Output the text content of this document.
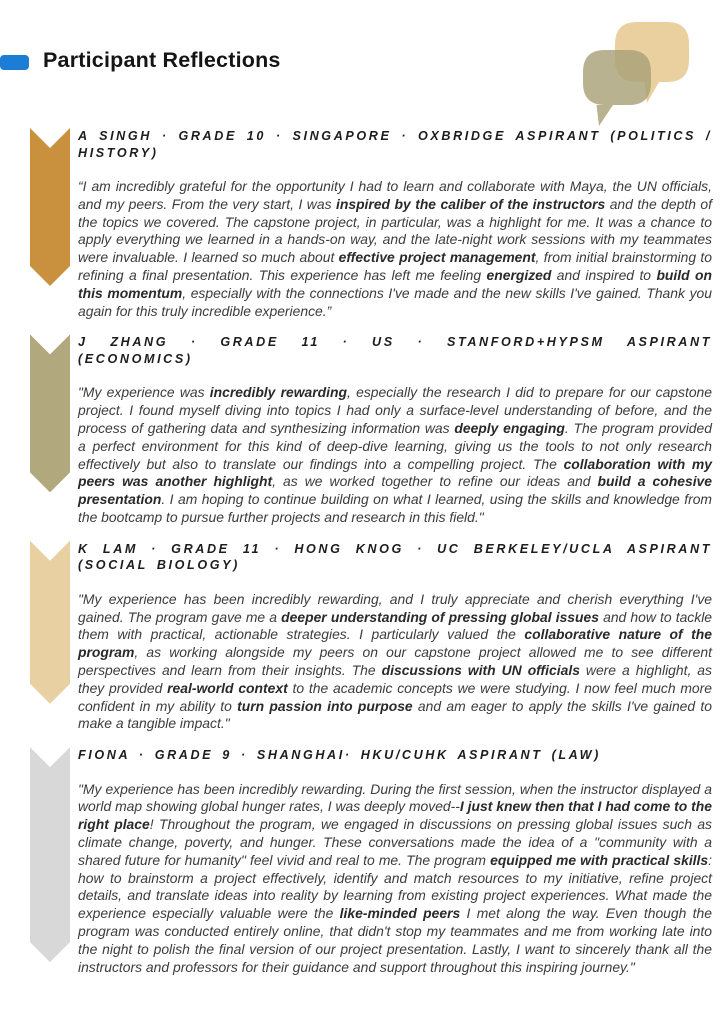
Participant Reflections
A SINGH · GRADE 10 · SINGAPORE · OXBRIDGE ASPIRANT (POLITICS / HISTORY)

“I am incredibly grateful for the opportunity I had to learn and collaborate with Maya, the UN officials, and my peers. From the very start, I was inspired by the caliber of the instructors and the depth of the topics we covered. The capstone project, in particular, was a highlight for me. It was a chance to apply everything we learned in a hands-on way, and the late-night work sessions with my teammates were invaluable. I learned so much about effective project management, from initial brainstorming to refining a final presentation. This experience has left me feeling energized and inspired to build on this momentum, especially with the connections I've made and the new skills I've gained. Thank you again for this truly incredible experience.”

J ZHANG · GRADE 11 · US · STANFORD+HYPSM ASPIRANT (ECONOMICS)

"My experience was incredibly rewarding, especially the research I did to prepare for our capstone project. I found myself diving into topics I had only a surface-level understanding of before, and the process of gathering data and synthesizing information was deeply engaging. The program provided a perfect environment for this kind of deep-dive learning, giving us the tools to not only research effectively but also to translate our findings into a compelling project. The collaboration with my peers was another highlight, as we worked together to refine our ideas and build a cohesive presentation. I am hoping to continue building on what I learned, using the skills and knowledge from the bootcamp to pursue further projects and research in this field."

K LAM · GRADE 11 · HONG KNOG · UC BERKELEY/UCLA ASPIRANT (SOCIAL BIOLOGY)

"My experience has been incredibly rewarding, and I truly appreciate and cherish everything I've gained. The program gave me a deeper understanding of pressing global issues and how to tackle them with practical, actionable strategies. I particularly valued the collaborative nature of the program, as working alongside my peers on our capstone project allowed me to see different perspectives and learn from their insights. The discussions with UN officials were a highlight, as they provided real-world context to the academic concepts we were studying. I now feel much more confident in my ability to turn passion into purpose and am eager to apply the skills I've gained to make a tangible impact."

FIONA · GRADE 9 · SHANGHAI· HKU/CUHK ASPIRANT (LAW)

"My experience has been incredibly rewarding. During the first session, when the instructor displayed a world map showing global hunger rates, I was deeply moved--I just knew then that I had come to the right place! Throughout the program, we engaged in discussions on pressing global issues such as climate change, poverty, and hunger. These conversations made the idea of a "community with a shared future for humanity" feel vivid and real to me. The program equipped me with practical skills: how to brainstorm a project effectively, identify and match resources to my initiative, refine project details, and translate ideas into reality by learning from existing project experiences. What made the experience especially valuable were the like-minded peers I met along the way. Even though the program was conducted entirely online, that didn't stop my teammates and me from working late into the night to polish the final version of our project presentation. Lastly, I want to sincerely thank all the instructors and professors for their guidance and support throughout this inspiring journey."
